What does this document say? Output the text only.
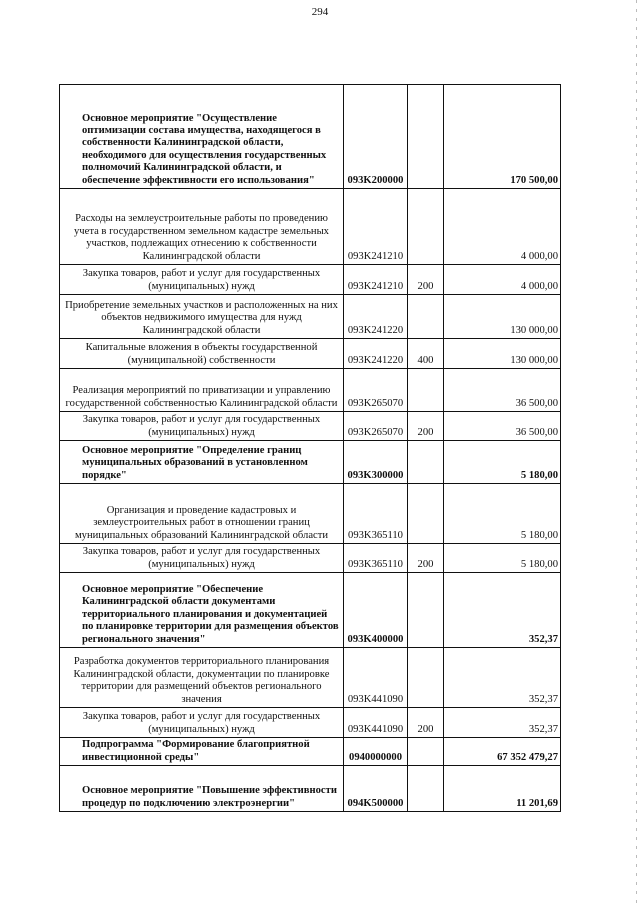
294
Основное мероприятие "Осуществление оптимизации состава имущества, находящегося в собственности Калининградской области, необходимого для осуществления государственных полномочий Калининградской области, и обеспечение эффективности его использования"	093K200000		170 500,00
Расходы на землеустроительные работы по проведению учета в государственном земельном кадастре земельных участков, подлежащих отнесению к собственности Калининградской области	093K241210		4 000,00
Закупка товаров, работ и услуг для государственных (муниципальных) нужд	093K241210	200	4 000,00
Приобретение земельных участков и расположенных на них объектов недвижимого имущества для нужд Калининградской области	093K241220		130 000,00
Капитальные вложения в объекты государственной (муниципальной) собственности	093K241220	400	130 000,00
Реализация мероприятий по приватизации и управлению государственной собственностью Калининградской области	093K265070		36 500,00
Закупка товаров, работ и услуг для государственных (муниципальных) нужд	093K265070	200	36 500,00
Основное мероприятие "Определение границ муниципальных образований в установленном порядке"	093K300000		5 180,00
Организация и проведение кадастровых и землеустроительных работ в отношении границ муниципальных образований Калининградской области	093K365110		5 180,00
Закупка товаров, работ и услуг для государственных (муниципальных) нужд	093K365110	200	5 180,00
Основное мероприятие "Обеспечение Калининградской области документами территориального планирования и документацией по планировке территории для размещения объектов регионального значения"	093K400000		352,37
Разработка документов территориального планирования Калининградской области, документации по планировке территории для размещений объектов регионального значения	093K441090		352,37
Закупка товаров, работ и услуг для государственных (муниципальных) нужд	093K441090	200	352,37
Подпрограмма "Формирование благоприятной инвестиционной среды"	0940000000		67 352 479,27
Основное мероприятие "Повышение эффективности процедур по подключению электроэнергии"	094K500000		11 201,69
